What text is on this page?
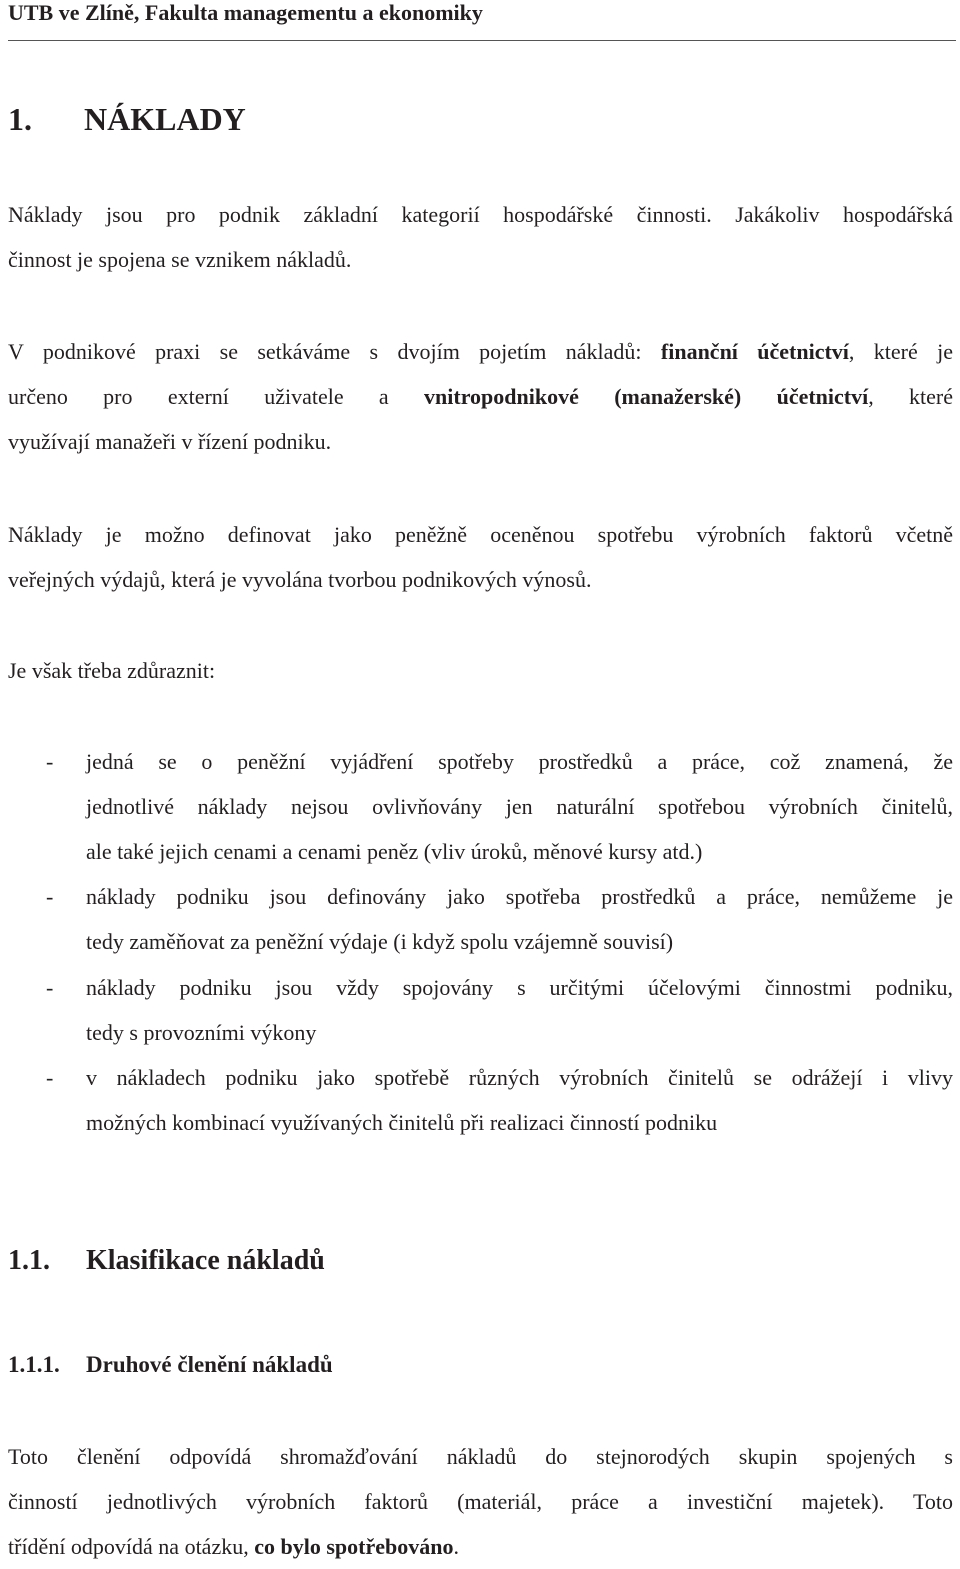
UTB ve Zlíně, Fakulta managementu a ekonomiky
1. NÁKLADY
Náklady jsou pro podnik základní kategorií hospodářské činnosti. Jakákoliv hospodářská
činnost je spojena se vznikem nákladů.
V podnikové praxi se setkáváme s dvojím pojetím nákladů: finanční účetnictví, které je
určeno pro externí uživatele a vnitropodnikové (manažerské) účetnictví, které
využívají manažeři v řízení podniku.
Náklady je možno definovat jako peněžně oceněnou spotřebu výrobních faktorů včetně
veřejných výdajů, která je vyvolána tvorbou podnikových výnosů.
Je však třeba zdůraznit:
- jedná se o peněžní vyjádření spotřeby prostředků a práce, což znamená, že
jednotlivé náklady nejsou ovlivňovány jen naturální spotřebou výrobních činitelů,
ale také jejich cenami a cenami peněz (vliv úroků, měnové kursy atd.)
- náklady podniku jsou definovány jako spotřeba prostředků a práce, nemůžeme je
tedy zaměňovat za peněžní výdaje (i když spolu vzájemně souvisí)
- náklady podniku jsou vždy spojovány s určitými účelovými činnostmi podniku,
tedy s provozními výkony
- v nákladech podniku jako spotřebě různých výrobních činitelů se odrážejí i vlivy
možných kombinací využívaných činitelů při realizaci činností podniku
1.1. Klasifikace nákladů
1.1.1. Druhové členění nákladů
Toto členění odpovídá shromažďování nákladů do stejnorodých skupin spojených s
činností jednotlivých výrobních faktorů (materiál, práce a investiční majetek). Toto
třídění odpovídá na otázku, co bylo spotřebováno.
